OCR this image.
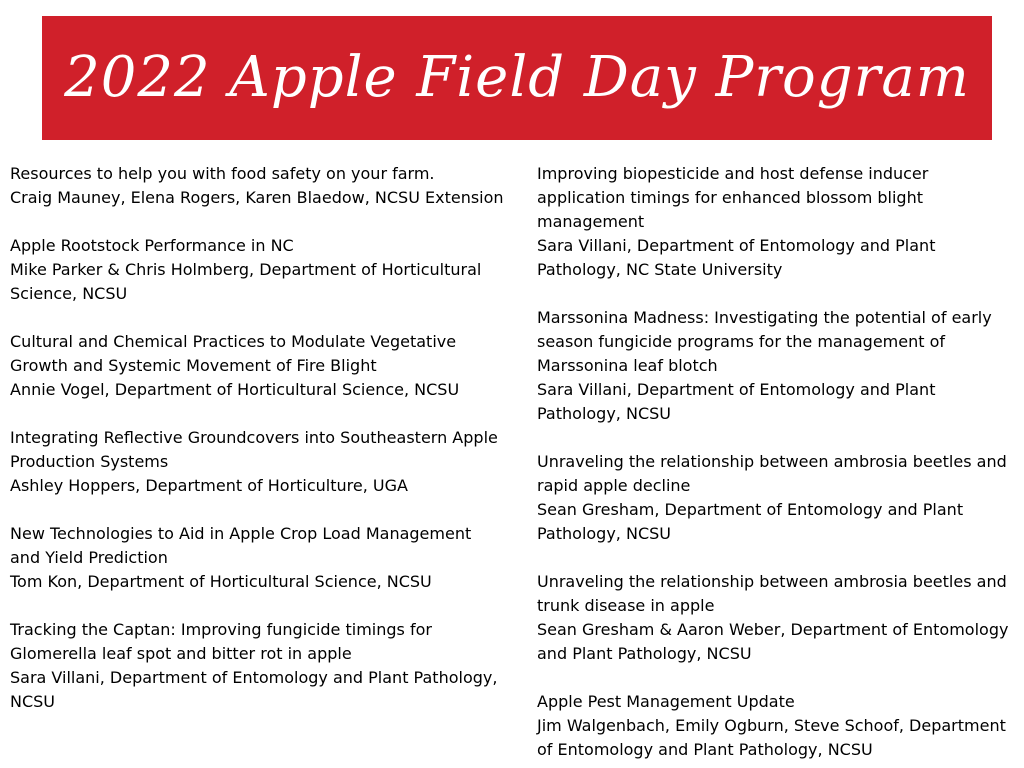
2022 Apple Field Day Program
Resources to help you with food safety on your farm.
Craig Mauney, Elena Rogers, Karen Blaedow, NCSU Extension
Apple Rootstock Performance in NC
Mike Parker & Chris Holmberg, Department of Horticultural
Science, NCSU
Cultural and Chemical Practices to Modulate Vegetative
Growth and Systemic Movement of Fire Blight
Annie Vogel, Department of Horticultural Science, NCSU
Integrating Reflective Groundcovers into Southeastern Apple
Production Systems
Ashley Hoppers, Department of Horticulture, UGA
New Technologies to Aid in Apple Crop Load Management
and Yield Prediction
Tom Kon, Department of Horticultural Science, NCSU
Tracking the Captan: Improving fungicide timings for
Glomerella leaf spot and bitter rot in apple
Sara Villani, Department of Entomology and Plant Pathology,
NCSU
Improving biopesticide and host defense inducer
application timings for enhanced blossom blight
management
Sara Villani, Department of Entomology and Plant
Pathology, NC State University
Marssonina Madness: Investigating the potential of early
season fungicide programs for the management of
Marssonina leaf blotch
Sara Villani, Department of Entomology and Plant
Pathology, NCSU
Unraveling the relationship between ambrosia beetles and
rapid apple decline
Sean Gresham, Department of Entomology and Plant
Pathology, NCSU
Unraveling the relationship between ambrosia beetles and
trunk disease in apple
Sean Gresham & Aaron Weber, Department of Entomology
and Plant Pathology, NCSU
Apple Pest Management Update
Jim Walgenbach, Emily Ogburn, Steve Schoof, Department
of Entomology and Plant Pathology, NCSU
